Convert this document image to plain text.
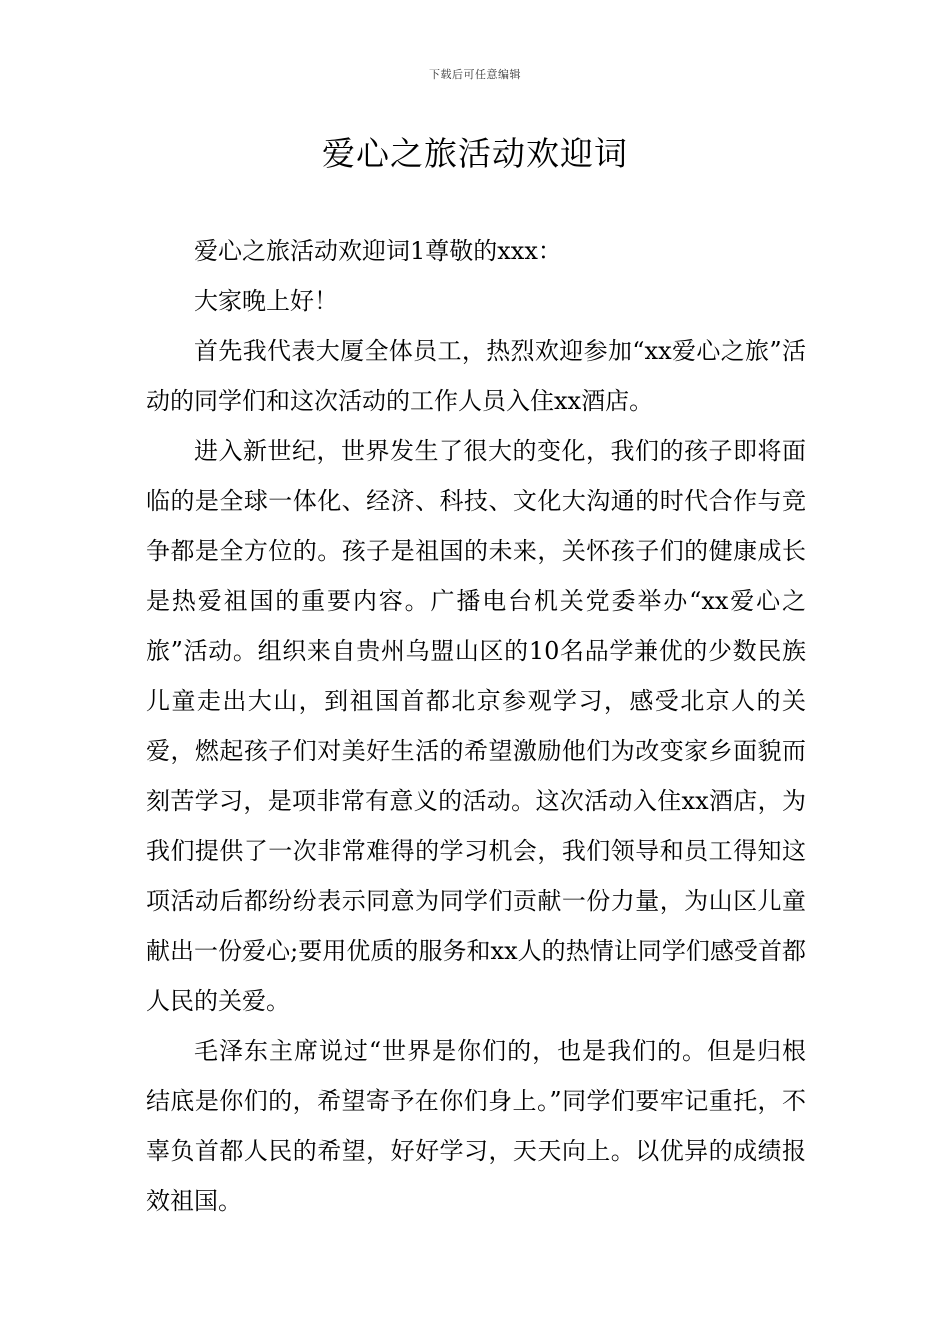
下载后可任意编辑
爱心之旅活动欢迎词

爱心之旅活动欢迎词1尊敬的xxx：

大家晚上好！

首先我代表大厦全体员工，热烈欢迎参加“xx爱心之旅”活动的同学们和这次活动的工作人员入住xx酒店。

进入新世纪，世界发生了很大的变化，我们的孩子即将面临的是全球一体化、经济、科技、文化大沟通的时代合作与竞争都是全方位的。孩子是祖国的未来，关怀孩子们的健康成长是热爱祖国的重要内容。广播电台机关党委举办“xx爱心之旅”活动。组织来自贵州乌盟山区的10名品学兼优的少数民族儿童走出大山，到祖国首都北京参观学习，感受北京人的关爱，燃起孩子们对美好生活的希望激励他们为改变家乡面貌而刻苦学习，是项非常有意义的活动。这次活动入住xx酒店，为我们提供了一次非常难得的学习机会，我们领导和员工得知这项活动后都纷纷表示同意为同学们贡献一份力量，为山区儿童献出一份爱心;要用优质的服务和xx人的热情让同学们感受首都人民的关爱。

毛泽东主席说过“世界是你们的，也是我们的。但是归根结底是你们的，希望寄予在你们身上。”同学们要牢记重托，不辜负首都人民的希望，好好学习，天天向上。以优异的成绩报效祖国。
